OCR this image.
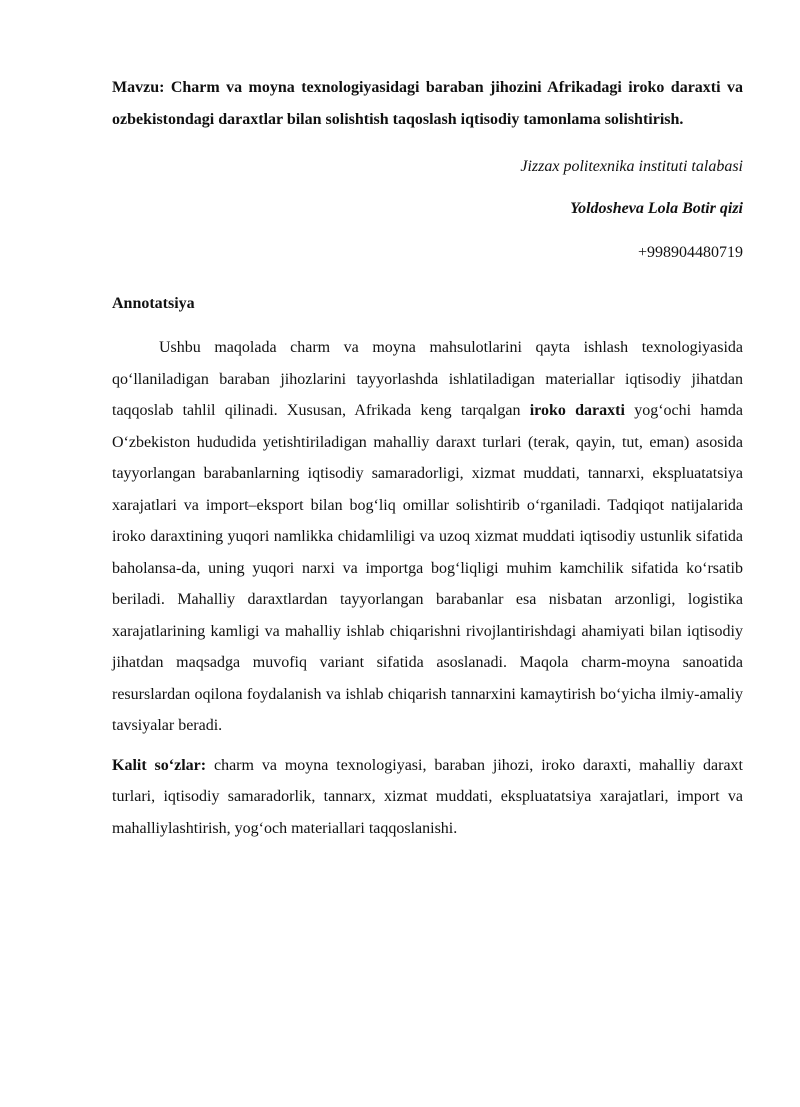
Mavzu: Charm va moyna texnologiyasidagi baraban jihozini Afrikadagi iroko daraxti va ozbekistondagi daraxtlar bilan solishtish taqoslash iqtisodiy tamonlama solishtirish.
Jizzax politexnika instituti talabasi
Yoldosheva Lola Botir qizi
+998904480719
Annotatsiya

Ushbu maqolada charm va moyna mahsulotlarini qayta ishlash texnologiyasida qo‘llaniladigan baraban jihozlarini tayyorlashda ishlatiladigan materiallar iqtisodiy jihatdan taqqoslab tahlil qilinadi. Xususan, Afrikada keng tarqalgan iroko daraxti yog‘ochi hamda O‘zbekiston hududida yetishtiriladigan mahalliy daraxt turlari (terak, qayin, tut, eman) asosida tayyorlangan barabanlarning iqtisodiy samaradorligi, xizmat muddati, tannarxi, ekspluatatsiya xarajatlari va import–eksport bilan bog‘liq omillar solishtirib o‘rganiladi. Tadqiqot natijalarida iroko daraxtining yuqori namlikka chidamliligi va uzoq xizmat muddati iqtisodiy ustunlik sifatida baholansa-da, uning yuqori narxi va importga bog‘liqligi muhim kamchilik sifatida ko‘rsatib beriladi. Mahalliy daraxtlardan tayyorlangan barabanlar esa nisbatan arzonligi, logistika xarajatlarining kamligi va mahalliy ishlab chiqarishni rivojlantirishdagi ahamiyati bilan iqtisodiy jihatdan maqsadga muvofiq variant sifatida asoslanadi. Maqola charm-moyna sanoatida resurslardan oqilona foydalanish va ishlab chiqarish tannarxini kamaytirish bo‘yicha ilmiy-amaliy tavsiyalar beradi.

Kalit so‘zlar: charm va moyna texnologiyasi, baraban jihozi, iroko daraxti, mahalliy daraxt turlari, iqtisodiy samaradorlik, tannarx, xizmat muddati, ekspluatatsiya xarajatlari, import va mahalliylashtirish, yog‘och materiallari taqqoslanishi.
